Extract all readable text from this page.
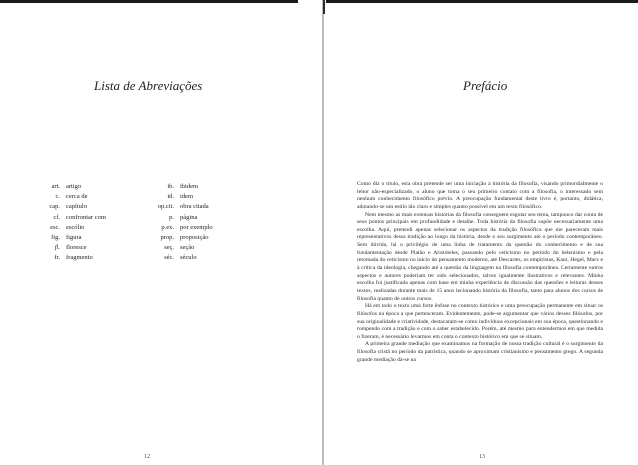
Lista de Abreviações
art. artigo
c. cerca de
cap. capítulo
cf. confrontar com
esc. escólio
fig. figura
fl. floresce
fr. fragmento
ib. ibidem
id. idem
op.cit. obra citada
p. página
p.ex. por exemplo
prop. proposição
seç. seção
séc. século
12
Prefácio

Como diz o título, esta obra pretende ser uma iniciação à história da filosofia, visando primordialmente o leitor não-especializado, o aluno que toma o seu primeiro contato com a filosofia, o interessado sem nenhum conhecimento filosófico prévio. A preocupação fundamental deste livro é, portanto, didática, adotando-se um estilo tão claro e simples quanto possível em um texto filosófico.

Nem mesmo as mais extensas histórias da filosofia conseguem esgotar seu tema, tampouco dar conta de seus pontos principais em profundidade e detalhe. Toda história da filosofia supõe necessariamente uma escolha. Aqui, pretendi apenas selecionar os aspectos da tradição filosófica que me pareceram mais representativos dessa tradição ao longo da história, desde o seu surgimento até o período contemporâneo. Sem dúvida, há o privilégio de uma linha de tratamento da questão do conhecimento e de sua fundamentação desde Platão e Aristóteles, passando pelo ceticismo no período do helenismo e pela retomada do ceticismo no início do pensamento moderno, até Descartes, os empiristas, Kant, Hegel, Marx e à crítica da ideologia, chegando até a questão da linguagem na filosofia contemporânea. Certamente outros aspectos e autores poderiam ter sido selecionados, talvez igualmente ilustrativos e relevantes. Minha escolha foi justificada apenas com base em minha experiência de discussão das questões e leituras desses textos, realizadas durante mais de 15 anos lecionando história da filosofia, tanto para alunos dos cursos de filosofia quanto de outros cursos.

Há em todo o texto uma forte ênfase no contexto histórico e uma preocupação permanente em situar os filósofos na época a que pertenceram. Evidentemente, pode-se argumentar que vários desses filósofos, por sua originalidade e criatividade, destacaram-se como indivíduos excepcionais em sua época, questionando e rompendo com a tradição e com o saber estabelecido. Porém, até mesmo para entendermos em que medida o fizeram, é necessário levarmos em conta o contexto histórico em que se situam.

A primeira grande mediação que examinamos na formação de nossa tradição cultural é o surgimento da filosofia cristã no período da patrística, quando se aproximam cristianismo e pensamento grego. A segunda grande mediação dá-se na

13
